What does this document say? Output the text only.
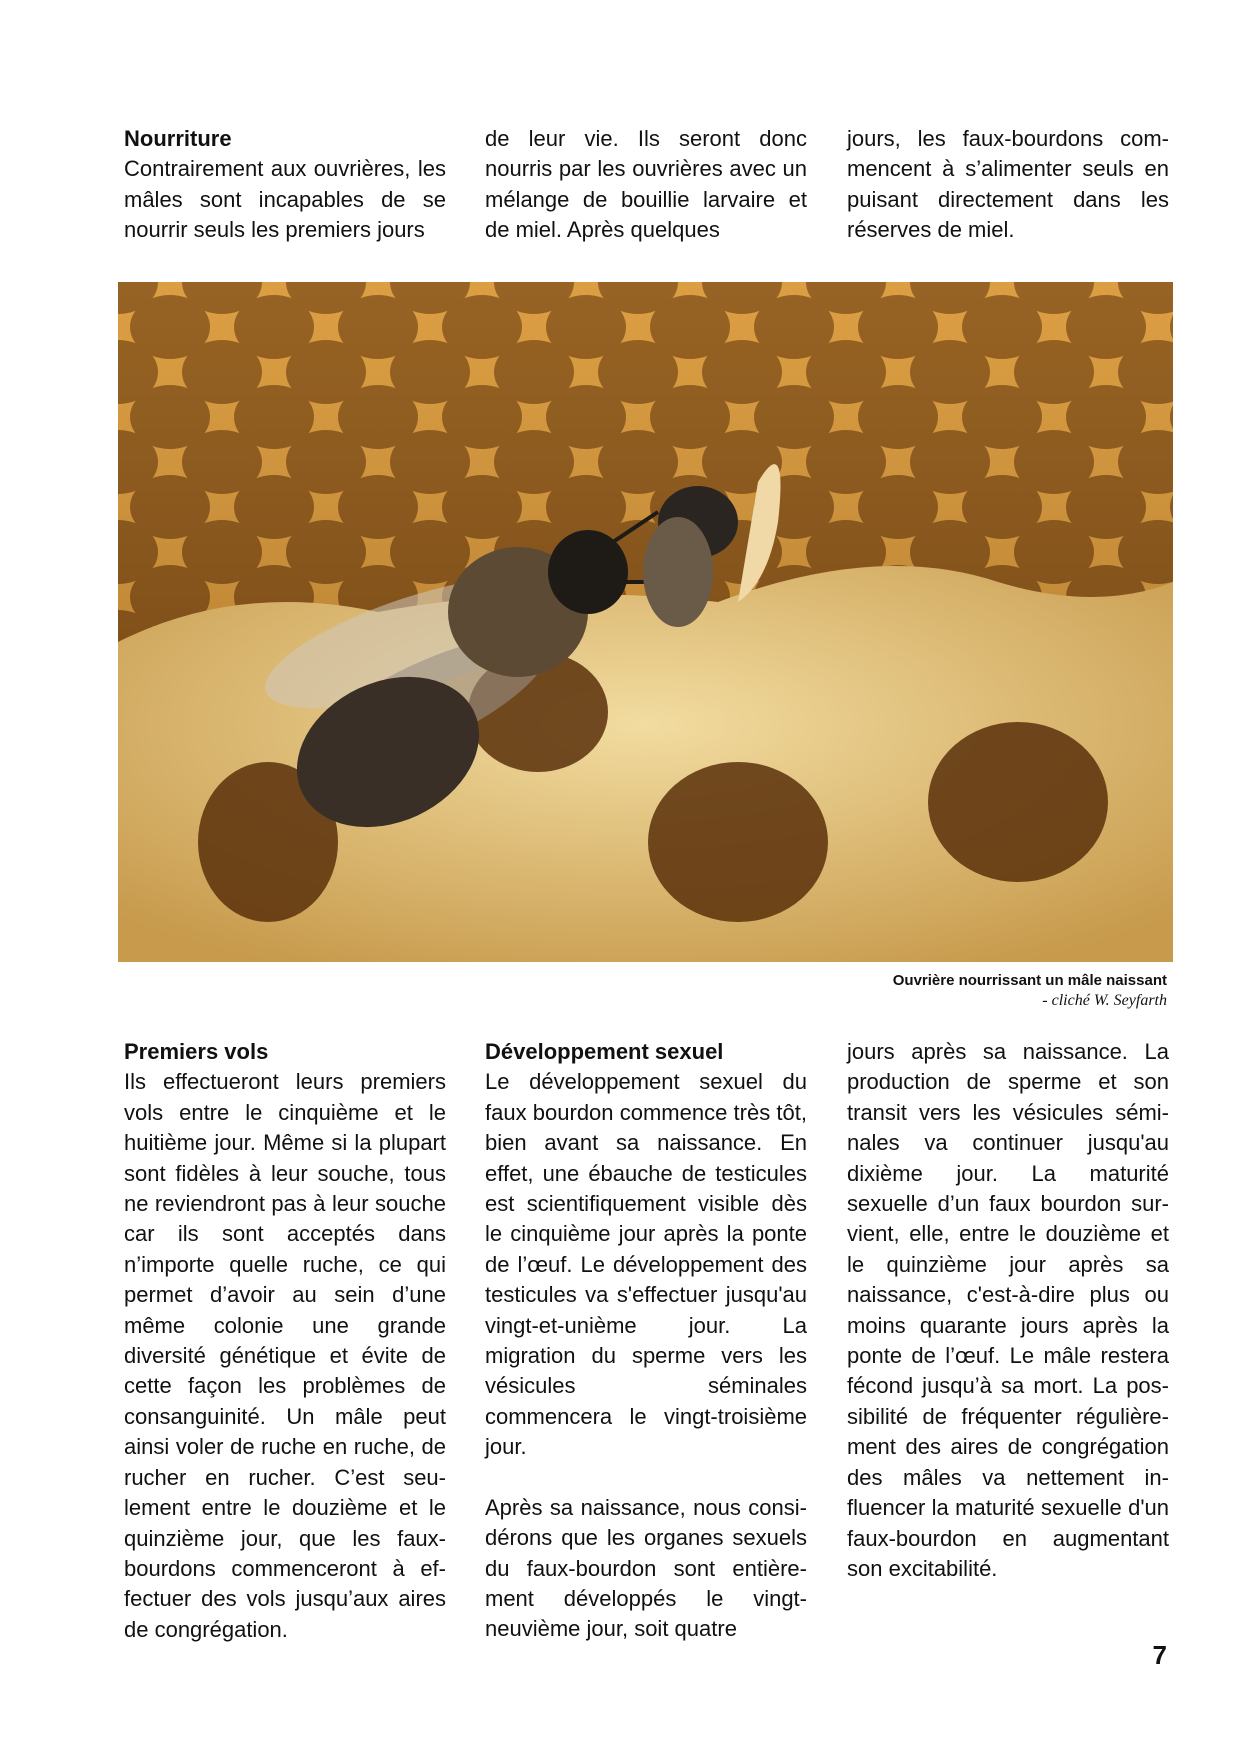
Nourriture
Contrairement aux ouvrières, les mâles sont incapables de se nourrir seuls les premiers jours

de leur vie. Ils seront donc nourris par les ouvrières avec un mélange de bouillie larvaire et de miel. Après quelques

jours, les faux-bourdons commencent à s’alimenter seuls en puisant directement dans les réserves de miel.

Ouvrière nourrissant un mâle naissant
- cliché W. Seyfarth

Premiers vols
Ils effectueront leurs premiers vols entre le cinquième et le huitième jour. Même si la plupart sont fidèles à leur souche, tous ne reviendront pas à leur souche car ils sont acceptés dans n’importe quelle ruche, ce qui permet d’avoir au sein d’une même colonie une grande diversité génétique et évite de cette façon les problèmes de consanguinité. Un mâle peut ainsi voler de ruche en ruche, de rucher en rucher. C’est seulement entre le douzième et le quinzième jour, que les faux-bourdons commenceront à effectuer des vols jusqu’aux aires de congrégation.

Développement sexuel
Le développement sexuel du faux bourdon commence très tôt, bien avant sa naissance. En effet, une ébauche de testicules est scientifiquement visible dès le cinquième jour après la ponte de l’œuf. Le développement des testicules va s'effectuer jusqu'au vingt-et-unième jour. La migration du sperme vers les vésicules séminales commencera le vingt-troisième jour.

Après sa naissance, nous considérons que les organes sexuels du faux-bourdon sont entièrement développés le vingt-neuvième jour, soit quatre

jours après sa naissance. La production de sperme et son transit vers les vésicules séminales va continuer jusqu'au dixième jour. La maturité sexuelle d’un faux bourdon survient, elle, entre le douzième et le quinzième jour après sa naissance, c'est-à-dire plus ou moins quarante jours après la ponte de l’œuf. Le mâle restera fécond jusqu’à sa mort. La possibilité de fréquenter régulièrement des aires de congrégation des mâles va nettement influencer la maturité sexuelle d'un faux-bourdon en augmentant son excitabilité.

7
